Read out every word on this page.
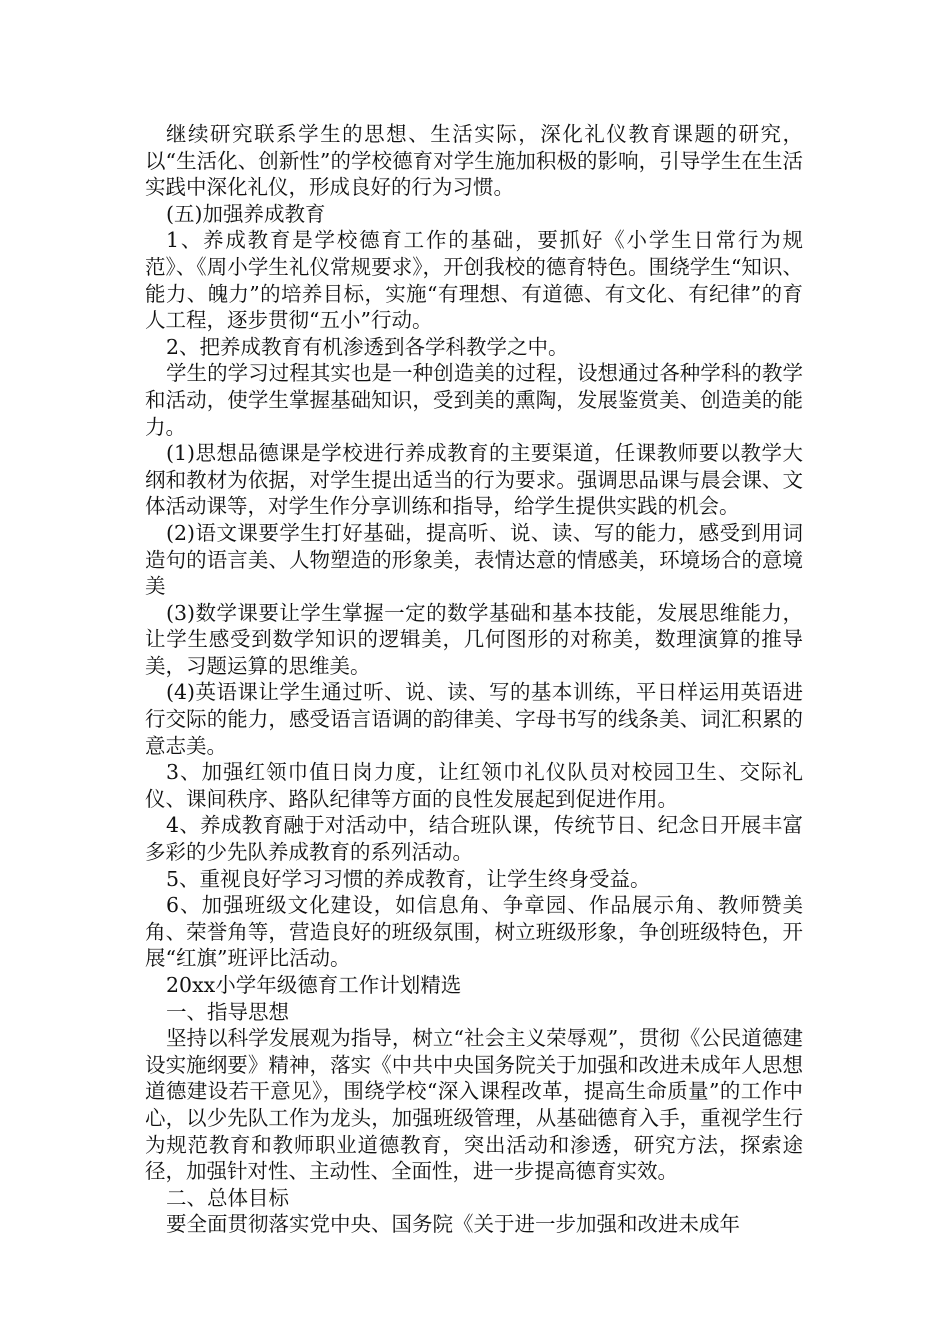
继续研究联系学生的思想、生活实际，深化礼仪教育课题的研究，以“生活化、创新性”的学校德育对学生施加积极的影响，引导学生在生活实践中深化礼仪，形成良好的行为习惯。

(五)加强养成教育

1、养成教育是学校德育工作的基础，要抓好《小学生日常行为规范》、《周小学生礼仪常规要求》，开创我校的德育特色。围绕学生“知识、能力、魄力”的培养目标，实施“有理想、有道德、有文化、有纪律”的育人工程，逐步贯彻“五小”行动。

2、把养成教育有机渗透到各学科教学之中。

学生的学习过程其实也是一种创造美的过程，设想通过各种学科的教学和活动，使学生掌握基础知识，受到美的熏陶，发展鉴赏美、创造美的能力。

(1)思想品德课是学校进行养成教育的主要渠道，任课教师要以教学大纲和教材为依据，对学生提出适当的行为要求。强调思品课与晨会课、文体活动课等，对学生作分享训练和指导，给学生提供实践的机会。

(2)语文课要学生打好基础，提高听、说、读、写的能力，感受到用词造句的语言美、人物塑造的形象美，表情达意的情感美，环境场合的意境美

(3)数学课要让学生掌握一定的数学基础和基本技能，发展思维能力，让学生感受到数学知识的逻辑美，几何图形的对称美，数理演算的推导美，习题运算的思维美。

(4)英语课让学生通过听、说、读、写的基本训练，平日样运用英语进行交际的能力，感受语言语调的韵律美、字母书写的线条美、词汇积累的意志美。

3、加强红领巾值日岗力度，让红领巾礼仪队员对校园卫生、交际礼仪、课间秩序、路队纪律等方面的良性发展起到促进作用。

4、养成教育融于对活动中，结合班队课，传统节日、纪念日开展丰富多彩的少先队养成教育的系列活动。

5、重视良好学习习惯的养成教育，让学生终身受益。

6、加强班级文化建设，如信息角、争章园、作品展示角、教师赞美角、荣誉角等，营造良好的班级氛围，树立班级形象，争创班级特色，开展“红旗”班评比活动。

20xx小学年级德育工作计划精选

一、指导思想

坚持以科学发展观为指导，树立“社会主义荣辱观”，贯彻《公民道德建设实施纲要》精神，落实《中共中央国务院关于加强和改进未成年人思想道德建设若干意见》，围绕学校“深入课程改革，提高生命质量”的工作中心，以少先队工作为龙头，加强班级管理，从基础德育入手，重视学生行为规范教育和教师职业道德教育，突出活动和渗透，研究方法，探索途径，加强针对性、主动性、全面性，进一步提高德育实效。

二、总体目标

要全面贯彻落实党中央、国务院《关于进一步加强和改进未成年
